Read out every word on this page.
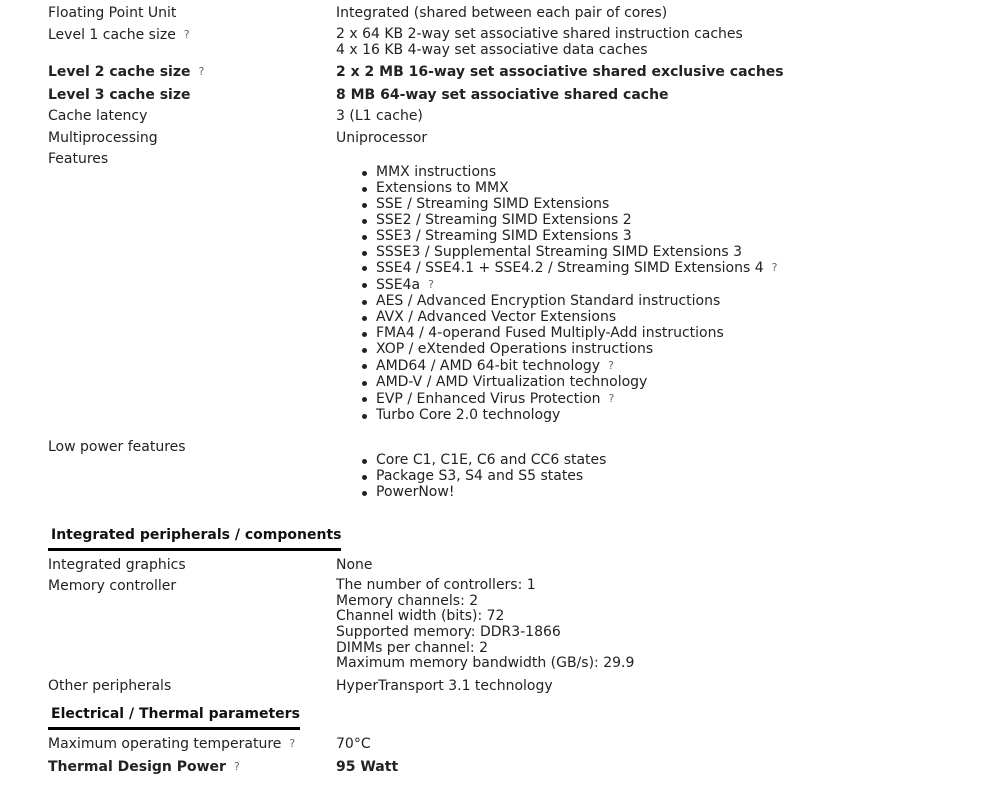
Floating Point Unit	Integrated (shared between each pair of cores)
Level 1 cache size ?	2 x 64 KB 2-way set associative shared instruction caches
4 x 16 KB 4-way set associative data caches
Level 2 cache size ?	2 x 2 MB 16-way set associative shared exclusive caches
Level 3 cache size	8 MB 64-way set associative shared cache
Cache latency	3 (L1 cache)
Multiprocessing	Uniprocessor
Features
MMX instructions
Extensions to MMX
SSE / Streaming SIMD Extensions
SSE2 / Streaming SIMD Extensions 2
SSE3 / Streaming SIMD Extensions 3
SSSE3 / Supplemental Streaming SIMD Extensions 3
SSE4 / SSE4.1 + SSE4.2 / Streaming SIMD Extensions 4 ?
SSE4a ?
AES / Advanced Encryption Standard instructions
AVX / Advanced Vector Extensions
FMA4 / 4-operand Fused Multiply-Add instructions
XOP / eXtended Operations instructions
AMD64 / AMD 64-bit technology ?
AMD-V / AMD Virtualization technology
EVP / Enhanced Virus Protection ?
Turbo Core 2.0 technology
Low power features
Core C1, C1E, C6 and CC6 states
Package S3, S4 and S5 states
PowerNow!
Integrated peripherals / components
Integrated graphics	None
Memory controller	The number of controllers: 1
Memory channels: 2
Channel width (bits): 72
Supported memory: DDR3-1866
DIMMs per channel: 2
Maximum memory bandwidth (GB/s): 29.9
Other peripherals	HyperTransport 3.1 technology
Electrical / Thermal parameters
Maximum operating temperature ?	70°C
Thermal Design Power ?	95 Watt
